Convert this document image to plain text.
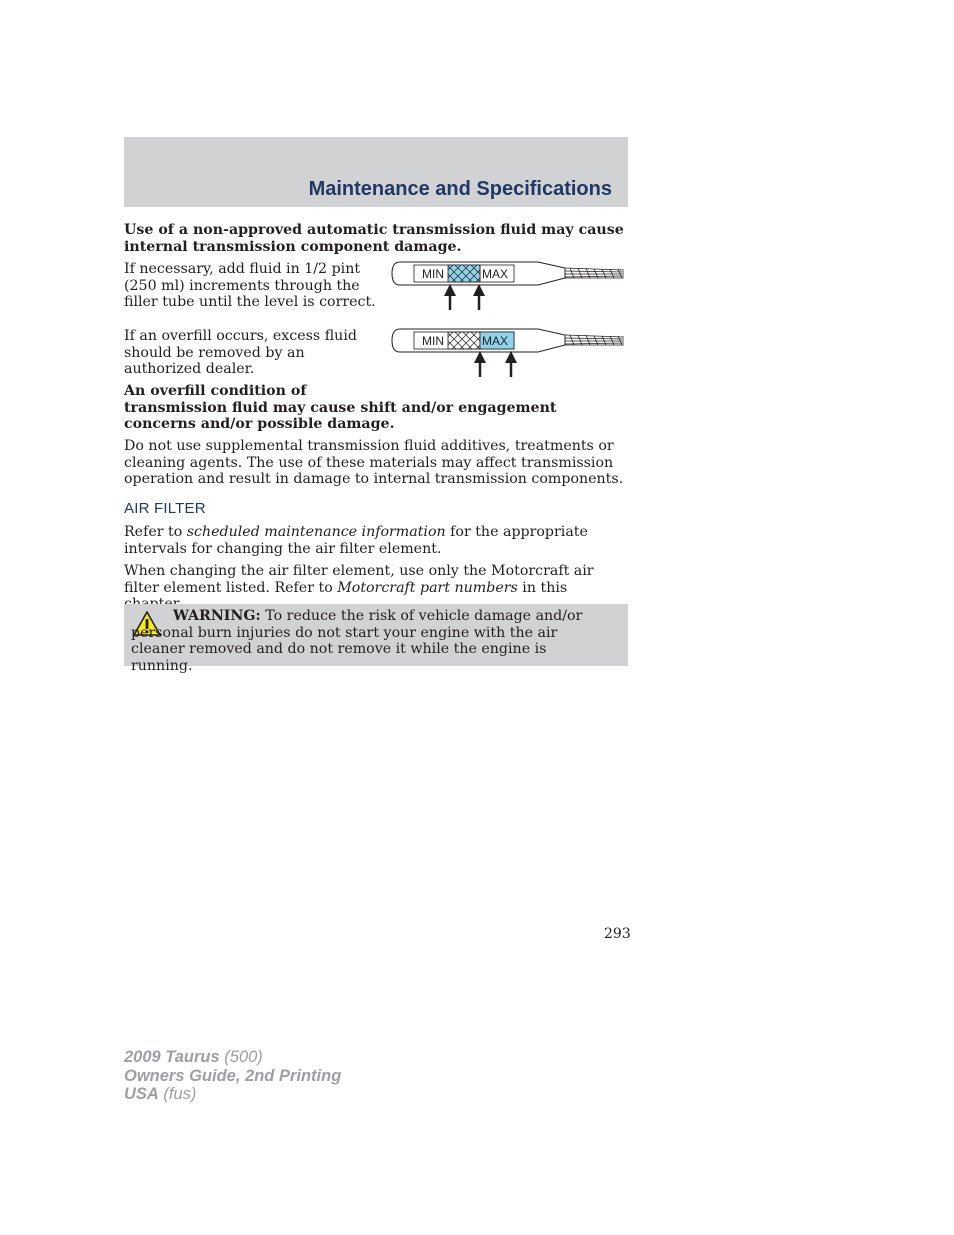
Maintenance and Specifications

Use of a non-approved automatic transmission fluid may cause internal transmission component damage.

If necessary, add fluid in 1/2 pint (250 ml) increments through the filler tube until the level is correct.

MIN	MAX

If an overfill occurs, excess fluid should be removed by an authorized dealer.

MIN	MAX
An overfill condition of
transmission fluid may cause shift and/or engagement concerns and/or possible damage.

Do not use supplemental transmission fluid additives, treatments or cleaning agents. The use of these materials may affect transmission operation and result in damage to internal transmission components.

AIR FILTER

Refer to scheduled maintenance information for the appropriate intervals for changing the air filter element.

When changing the air filter element, use only the Motorcraft air filter element listed. Refer to Motorcraft part numbers in this

WARNING: To reduce the risk of vehicle damage and/or personal burn injuries do not start your engine with the air cleaner removed and do not remove it while the engine is running.

293
2009 Taurus (500)
Owners Guide, 2nd Printing
USA (fus)
